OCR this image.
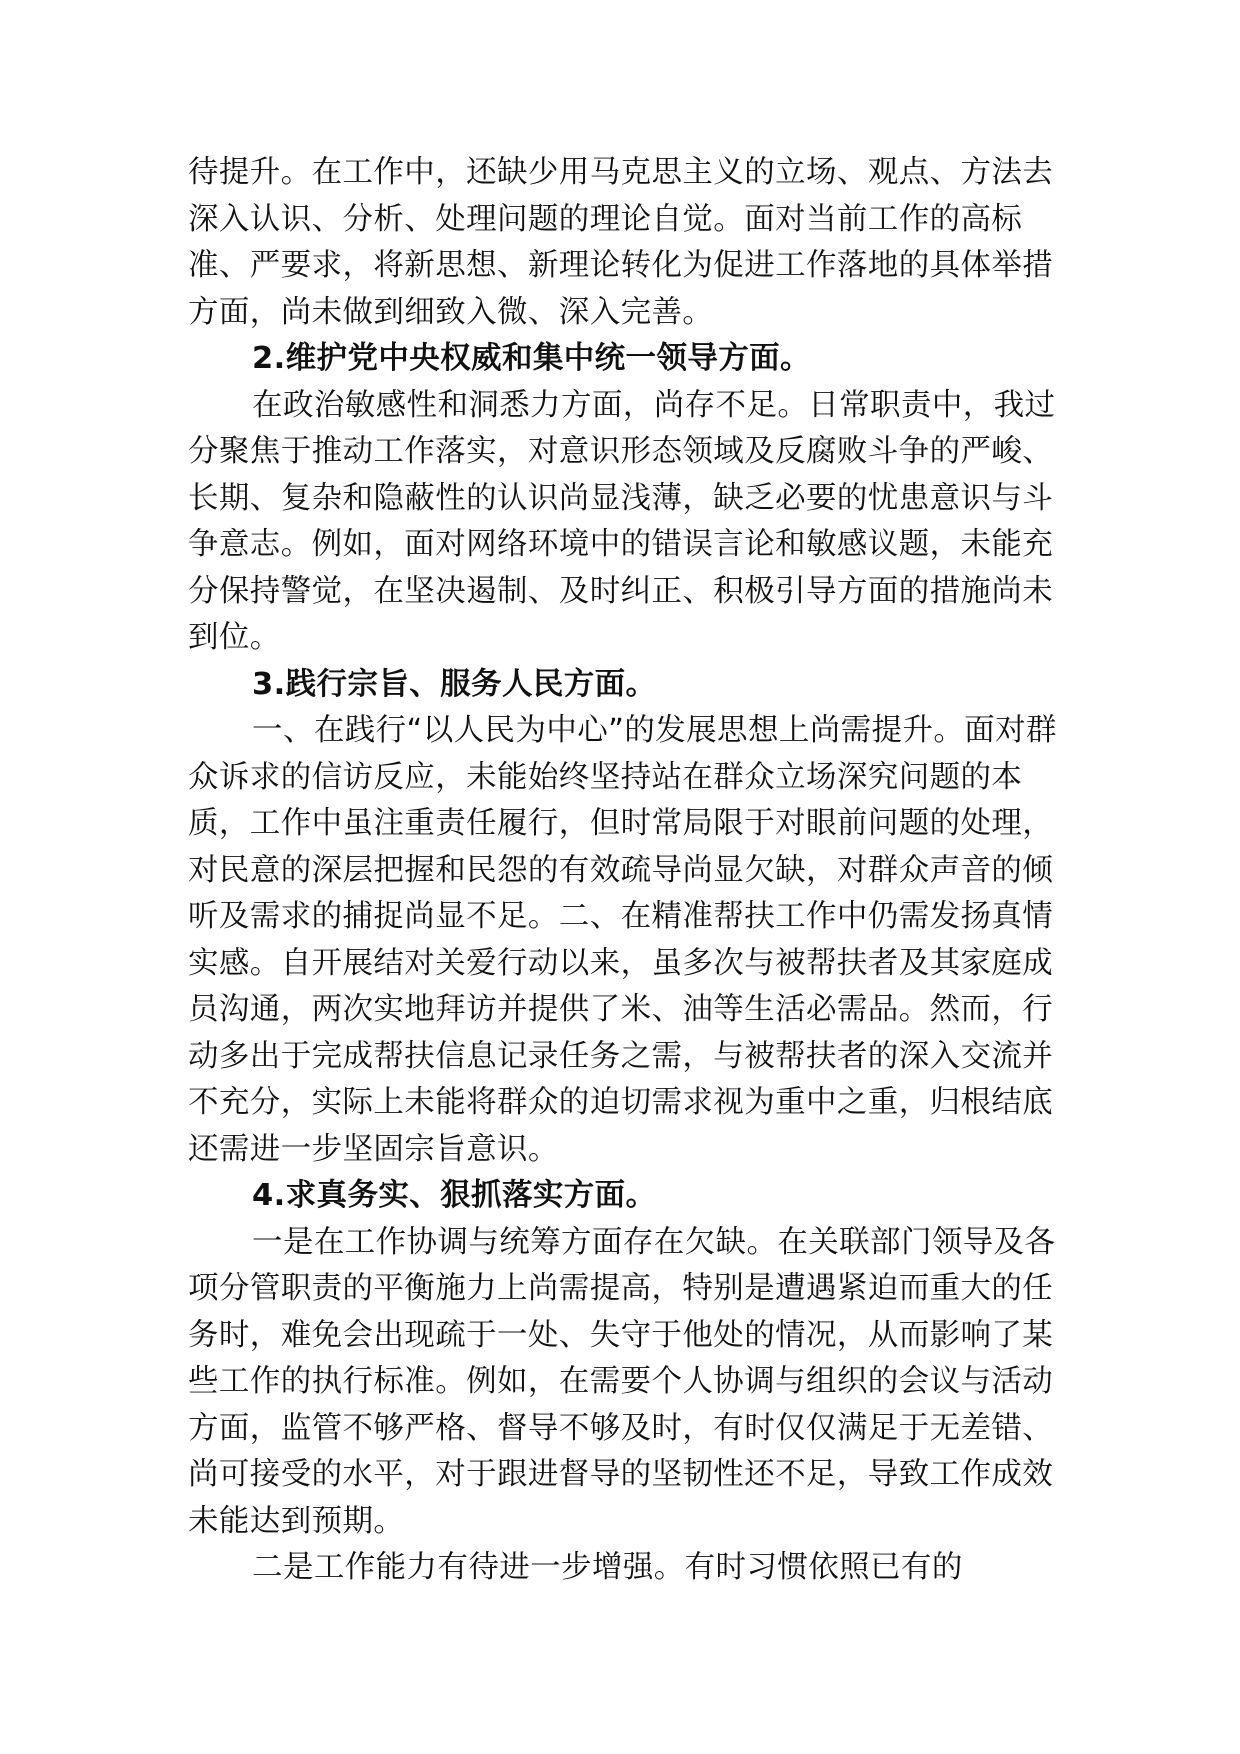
待提升。在工作中，还缺少用马克思主义的立场、观点、方法去深入认识、分析、处理问题的理论自觉。面对当前工作的高标准、严要求，将新思想、新理论转化为促进工作落地的具体举措方面，尚未做到细致入微、深入完善。

2.维护党中央权威和集中统一领导方面。

在政治敏感性和洞悉力方面，尚存不足。日常职责中，我过分聚焦于推动工作落实，对意识形态领域及反腐败斗争的严峻、长期、复杂和隐蔽性的认识尚显浅薄，缺乏必要的忧患意识与斗争意志。例如，面对网络环境中的错误言论和敏感议题，未能充分保持警觉，在坚决遏制、及时纠正、积极引导方面的措施尚未到位。

3.践行宗旨、服务人民方面。

一、在践行“以人民为中心”的发展思想上尚需提升。面对群众诉求的信访反应，未能始终坚持站在群众立场深究问题的本质，工作中虽注重责任履行，但时常局限于对眼前问题的处理，对民意的深层把握和民怨的有效疏导尚显欠缺，对群众声音的倾听及需求的捕捉尚显不足。二、在精准帮扶工作中仍需发扬真情实感。自开展结对关爱行动以来，虽多次与被帮扶者及其家庭成员沟通，两次实地拜访并提供了米、油等生活必需品。然而，行动多出于完成帮扶信息记录任务之需，与被帮扶者的深入交流并不充分，实际上未能将群众的迫切需求视为重中之重，归根结底还需进一步坚固宗旨意识。

4.求真务实、狠抓落实方面。

一是在工作协调与统筹方面存在欠缺。在关联部门领导及各项分管职责的平衡施力上尚需提高，特别是遭遇紧迫而重大的任务时，难免会出现疏于一处、失守于他处的情况，从而影响了某些工作的执行标准。例如，在需要个人协调与组织的会议与活动方面，监管不够严格、督导不够及时，有时仅仅满足于无差错、尚可接受的水平，对于跟进督导的坚韧性还不足，导致工作成效未能达到预期。

二是工作能力有待进一步增强。有时习惯依照已有的
